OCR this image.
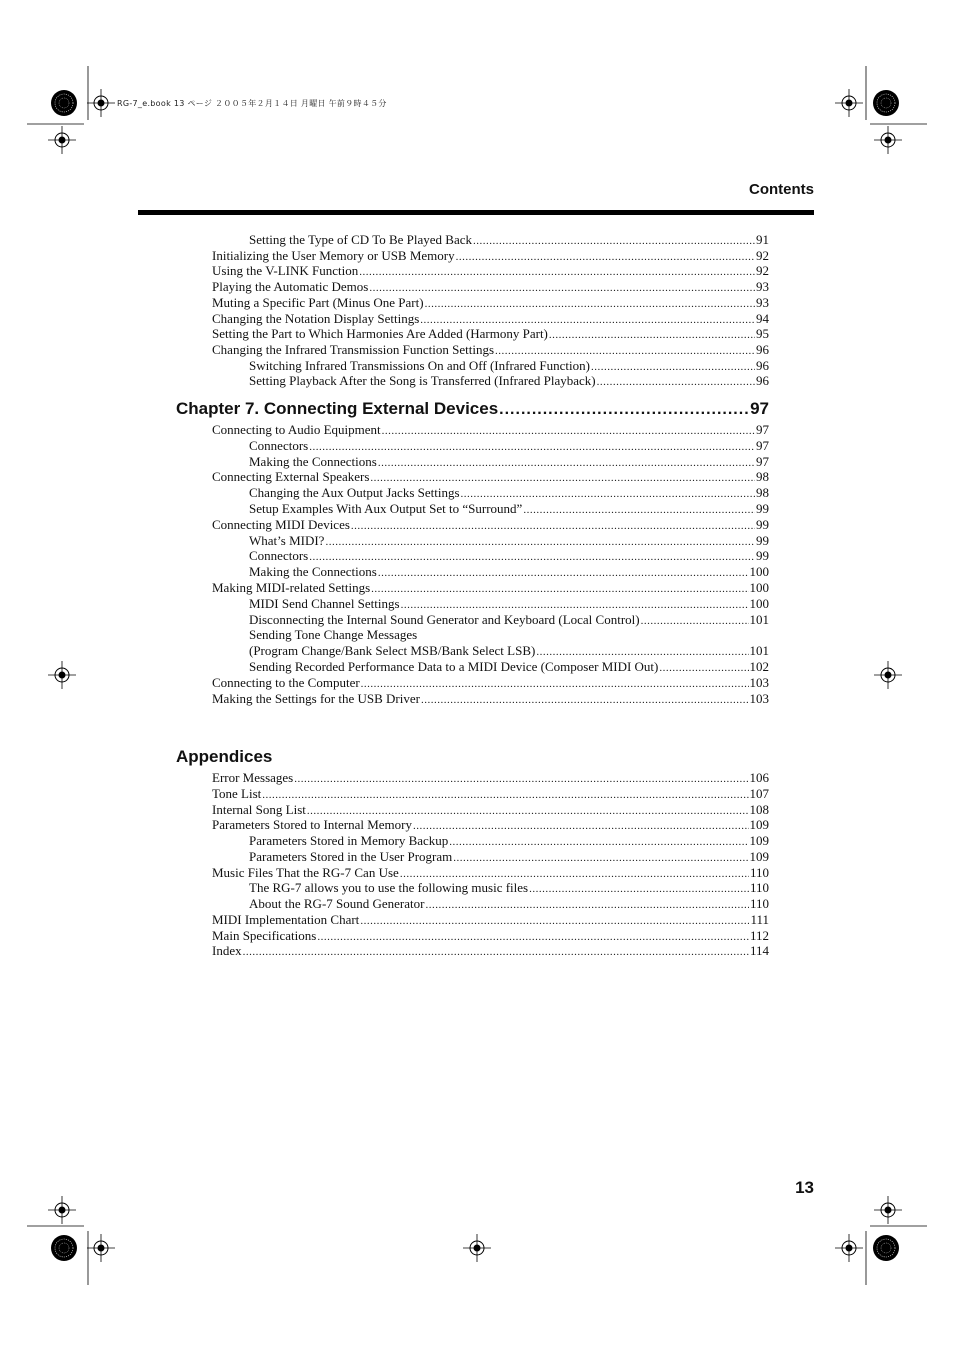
RG-7_e.book 13 ページ ２００５年２月１４日 月曜日 午前９時４５分
Contents
Setting the Type of CD To Be Played Back .....	91
Initializing the User Memory or USB Memory .....	92
Using the V-LINK Function .....	92
Playing the Automatic Demos .....	93
Muting a Specific Part (Minus One Part) .....	93
Changing the Notation Display Settings .....	94
Setting the Part to Which Harmonies Are Added (Harmony Part) .....	95
Changing the Infrared Transmission Function Settings .....	96
Switching Infrared Transmissions On and Off (Infrared Function) .....	96
Setting Playback After the Song is Transferred (Infrared Playback) .....	96
Chapter 7. Connecting External Devices .....	97
Connecting to Audio Equipment .....	97
Connectors .....	97
Making the Connections .....	97
Connecting External Speakers .....	98
Changing the Aux Output Jacks Settings .....	98
Setup Examples With Aux Output Set to “Surround” .....	99
Connecting MIDI Devices .....	99
What’s MIDI? .....	99
Connectors .....	99
Making the Connections .....	100
Making MIDI-related Settings .....	100
MIDI Send Channel Settings .....	100
Disconnecting the Internal Sound Generator and Keyboard (Local Control) .....	101
Sending Tone Change Messages
(Program Change/Bank Select MSB/Bank Select LSB) .....	101
Sending Recorded Performance Data to a MIDI Device (Composer MIDI Out) .....	102
Connecting to the Computer .....	103
Making the Settings for the USB Driver .....	103
Appendices
Error Messages .....	106
Tone List .....	107
Internal Song List .....	108
Parameters Stored to Internal Memory .....	109
Parameters Stored in Memory Backup .....	109
Parameters Stored in the User Program .....	109
Music Files That the RG-7 Can Use .....	110
The RG-7 allows you to use the following music files .....	110
About the RG-7 Sound Generator .....	110
MIDI Implementation Chart .....	111
Main Specifications .....	112
Index .....	114
13
